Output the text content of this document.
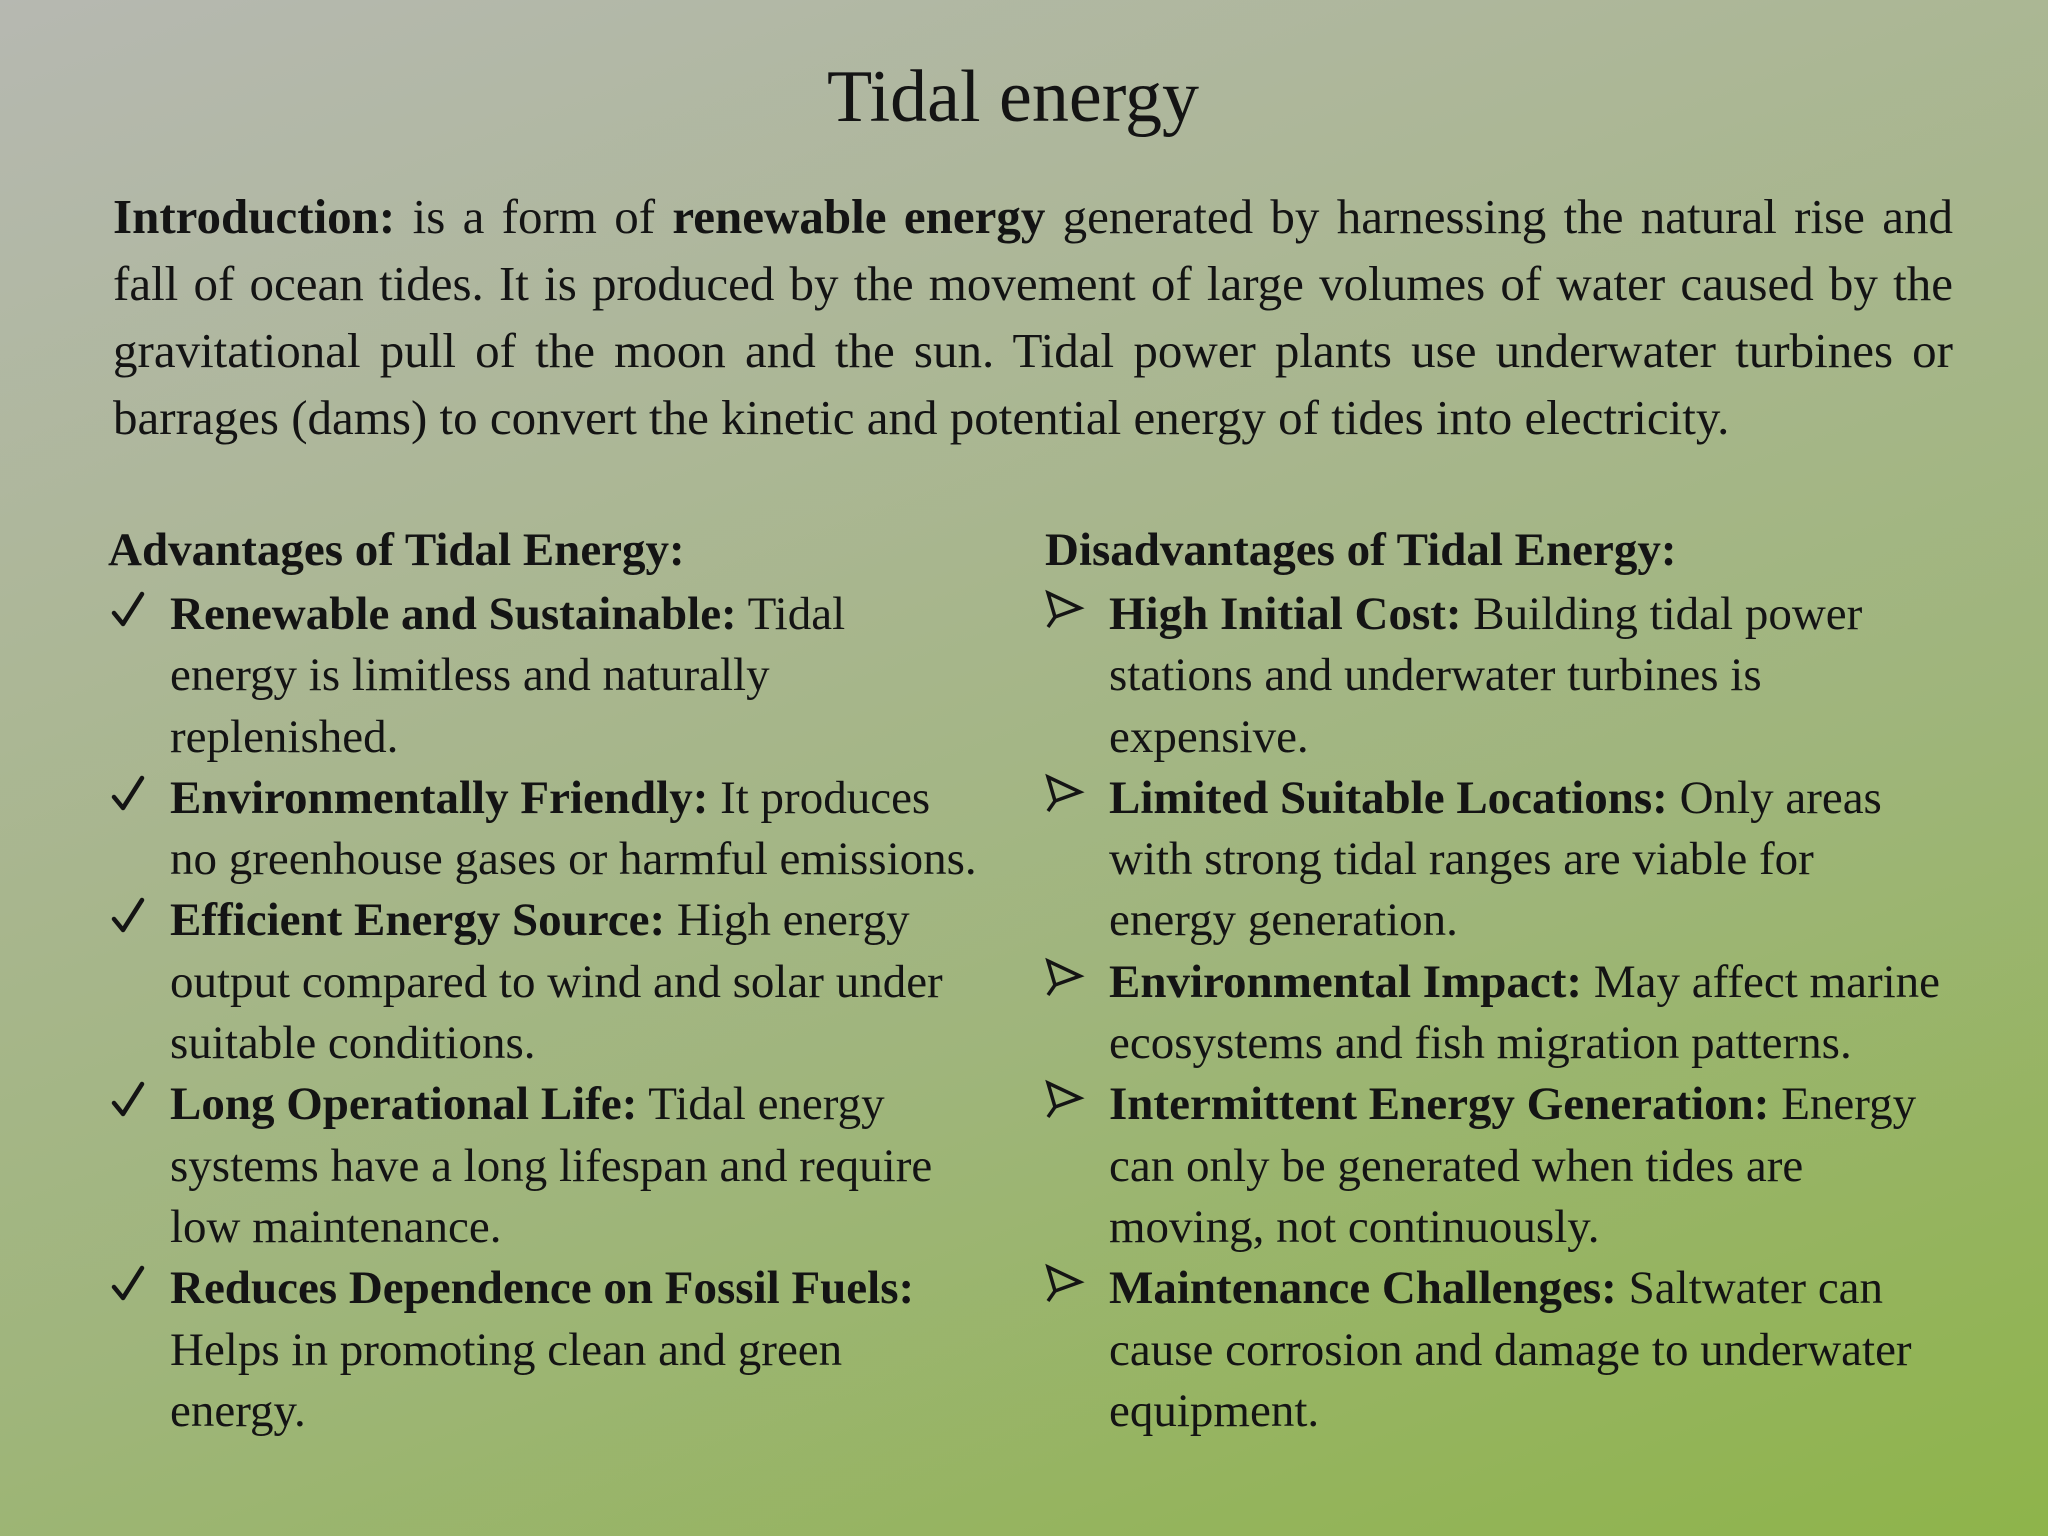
Tidal energy

Introduction: is a form of renewable energy generated by harnessing the natural rise and fall of ocean tides. It is produced by the movement of large volumes of water caused by the gravitational pull of the moon and the sun. Tidal power plants use underwater turbines or barrages (dams) to convert the kinetic and potential energy of tides into electricity.

Advantages of Tidal Energy:
Renewable and Sustainable: Tidal energy is limitless and naturally replenished.
Environmentally Friendly: It produces no greenhouse gases or harmful emissions.
Efficient Energy Source: High energy output compared to wind and solar under suitable conditions.
Long Operational Life: Tidal energy systems have a long lifespan and require low maintenance.
Reduces Dependence on Fossil Fuels: Helps in promoting clean and green energy.
Disadvantages of Tidal Energy:
High Initial Cost: Building tidal power stations and underwater turbines is expensive.
Limited Suitable Locations: Only areas with strong tidal ranges are viable for energy generation.
Environmental Impact: May affect marine ecosystems and fish migration patterns.
Intermittent Energy Generation: Energy can only be generated when tides are moving, not continuously.
Maintenance Challenges: Saltwater can cause corrosion and damage to underwater equipment.
